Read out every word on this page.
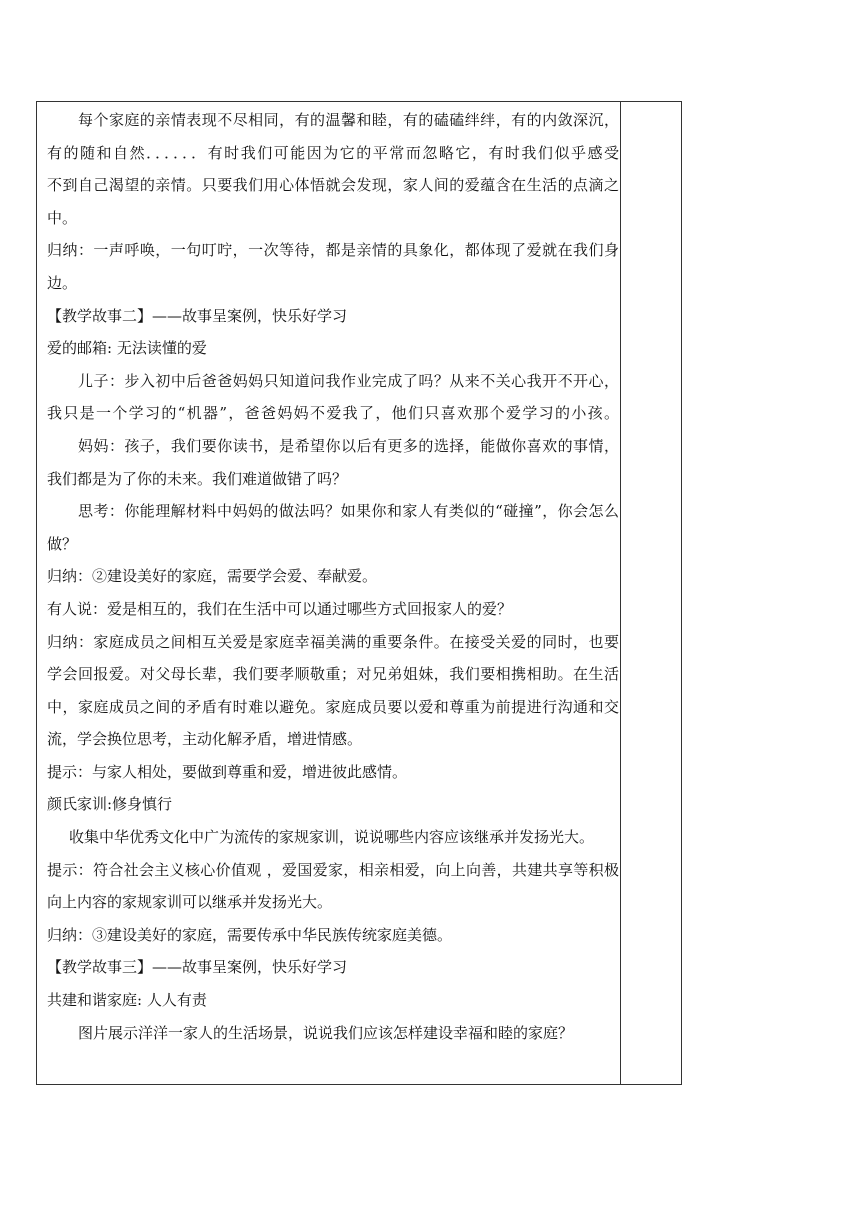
每个家庭的亲情表现不尽相同，有的温馨和睦，有的磕磕绊绊，有的内敛深沉，
有的随和自然．．．．．．有时我们可能因为它的平常而忽略它，有时我们似乎感受
不到自己渴望的亲情。只要我们用心体悟就会发现，家人间的爱蕴含在生活的点滴之
中。
归纳：一声呼唤，一句叮咛，一次等待，都是亲情的具象化，都体现了爱就在我们身
边。
【教学故事二】——故事呈案例，快乐好学习
爱的邮箱: 无法读懂的爱
儿子：步入初中后爸爸妈妈只知道问我作业完成了吗？从来不关心我开不开心，
我只是一个学习的“机器”，爸爸妈妈不爱我了，他们只喜欢那个爱学习的小孩。
妈妈：孩子，我们要你读书，是希望你以后有更多的选择，能做你喜欢的事情，
我们都是为了你的未来。我们难道做错了吗？
思考：你能理解材料中妈妈的做法吗？如果你和家人有类似的“碰撞”，你会怎么
做？
归纳：②建设美好的家庭，需要学会爱、奉献爱。
有人说：爱是相互的，我们在生活中可以通过哪些方式回报家人的爱？
归纳：家庭成员之间相互关爱是家庭幸福美满的重要条件。在接受关爱的同时，也要
学会回报爱。对父母长辈，我们要孝顺敬重；对兄弟姐妹，我们要相携相助。在生活
中，家庭成员之间的矛盾有时难以避免。家庭成员要以爱和尊重为前提进行沟通和交
流，学会换位思考，主动化解矛盾，增进情感。
提示：与家人相处，要做到尊重和爱，增进彼此感情。
颜氏家训:修身慎行
收集中华优秀文化中广为流传的家规家训，说说哪些内容应该继承并发扬光大。
提示：符合社会主义核心价值观 ，爱国爱家，相亲相爱，向上向善，共建共享等积极
向上内容的家规家训可以继承并发扬光大。
归纳：③建设美好的家庭，需要传承中华民族传统家庭美德。
【教学故事三】——故事呈案例，快乐好学习
共建和谐家庭: 人人有责
图片展示洋洋一家人的生活场景，说说我们应该怎样建设幸福和睦的家庭？
